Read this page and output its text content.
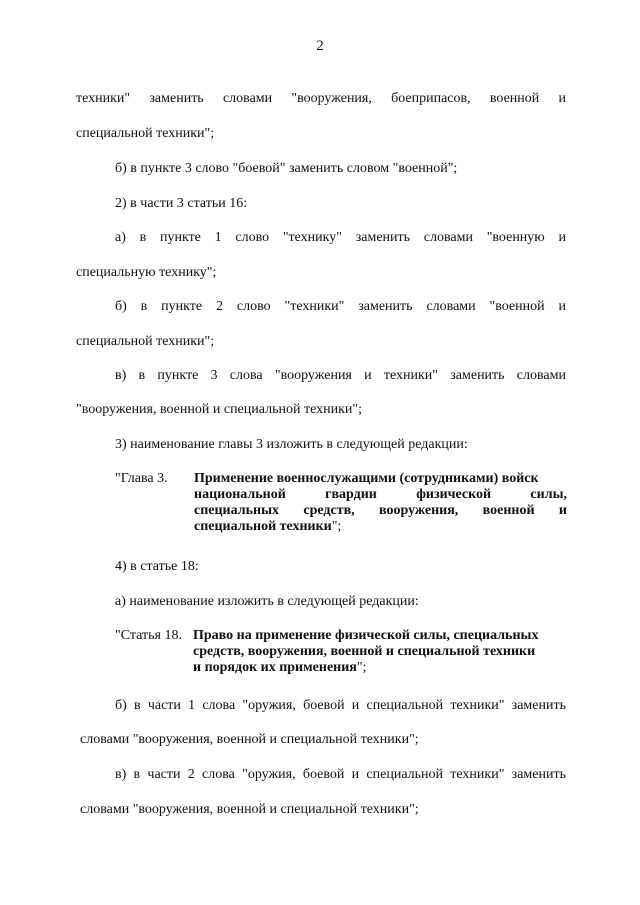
2
техники" заменить словами "вооружения, боеприпасов, военной и
специальной техники";
б) в пункте 3 слово "боевой" заменить словом "военной";
2) в части 3 статьи 16:
а) в пункте 1 слово "технику" заменить словами "военную и
специальную технику";
б) в пункте 2 слово "техники" заменить словами "военной и
специальной техники";
в) в пункте 3 слова "вооружения и техники" заменить словами
"вооружения, военной и специальной техники";
3) наименование главы 3 изложить в следующей редакции:
"Глава 3. Применение военнослужащими (сотрудниками) войск
национальной гвардии физической силы,
специальных средств, вооружения, военной и
специальной техники";
4) в статье 18:
а) наименование изложить в следующей редакции:
"Статья 18. Право на применение физической силы, специальных
средств, вооружения, военной и специальной техники
и порядок их применения";
б) в части 1 слова "оружия, боевой и специальной техники" заменить
словами "вооружения, военной и специальной техники";
в) в части 2 слова "оружия, боевой и специальной техники" заменить
словами "вооружения, военной и специальной техники";
